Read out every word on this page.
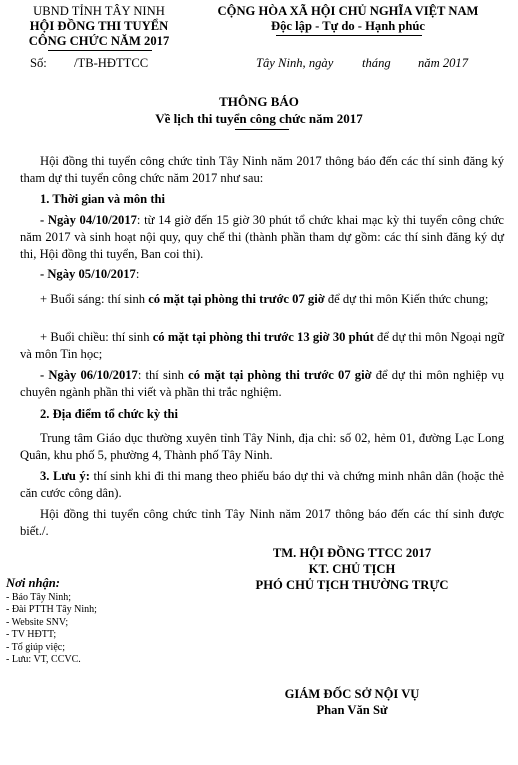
UBND TỈNH TÂY NINH
HỘI ĐỒNG THI TUYỂN
CÔNG CHỨC NĂM 2017
CỘNG HÒA XÃ HỘI CHỦ NGHĨA VIỆT NAM
Độc lập - Tự do - Hạnh phúc
Số: /TB-HĐTTCC	Tây Ninh, ngày tháng năm 2017
THÔNG BÁO
Về lịch thi tuyển công chức năm 2017
Hội đồng thi tuyển công chức tỉnh Tây Ninh năm 2017 thông báo đến các thí sinh đăng ký tham dự thi tuyển công chức năm 2017 như sau:
1. Thời gian và môn thi
- Ngày 04/10/2017: từ 14 giờ đến 15 giờ 30 phút tổ chức khai mạc kỳ thi tuyển công chức năm 2017 và sinh hoạt nội quy, quy chế thi (thành phần tham dự gồm: các thí sinh đăng ký dự thi, Hội đồng thi tuyển, Ban coi thi).
- Ngày 05/10/2017:
+ Buổi sáng: thí sinh có mặt tại phòng thi trước 07 giờ để dự thi môn Kiến thức chung;
+ Buổi chiều: thí sinh có mặt tại phòng thi trước 13 giờ 30 phút để dự thi môn Ngoại ngữ và môn Tin học;
- Ngày 06/10/2017: thí sinh có mặt tại phòng thi trước 07 giờ để dự thi môn nghiệp vụ chuyên ngành phần thi viết và phần thi trắc nghiệm.
2. Địa điểm tổ chức kỳ thi
Trung tâm Giáo dục thường xuyên tỉnh Tây Ninh, địa chỉ: số 02, hẻm 01, đường Lạc Long Quân, khu phố 5, phường 4, Thành phố Tây Ninh.
3. Lưu ý: thí sinh khi đi thi mang theo phiếu báo dự thi và chứng minh nhân dân (hoặc thẻ căn cước công dân).
Hội đồng thi tuyển công chức tỉnh Tây Ninh năm 2017 thông báo đến các thí sinh được biết./.
TM. HỘI ĐỒNG TTCC 2017
KT. CHỦ TỊCH
PHÓ CHỦ TỊCH THƯỜNG TRỰC
Nơi nhận:
- Báo Tây Ninh;
- Đài PTTH Tây Ninh;
- Website SNV;
- TV HĐTT;
- Tổ giúp việc;
- Lưu: VT, CCVC.
GIÁM ĐỐC SỞ NỘI VỤ
Phan Văn Sử
